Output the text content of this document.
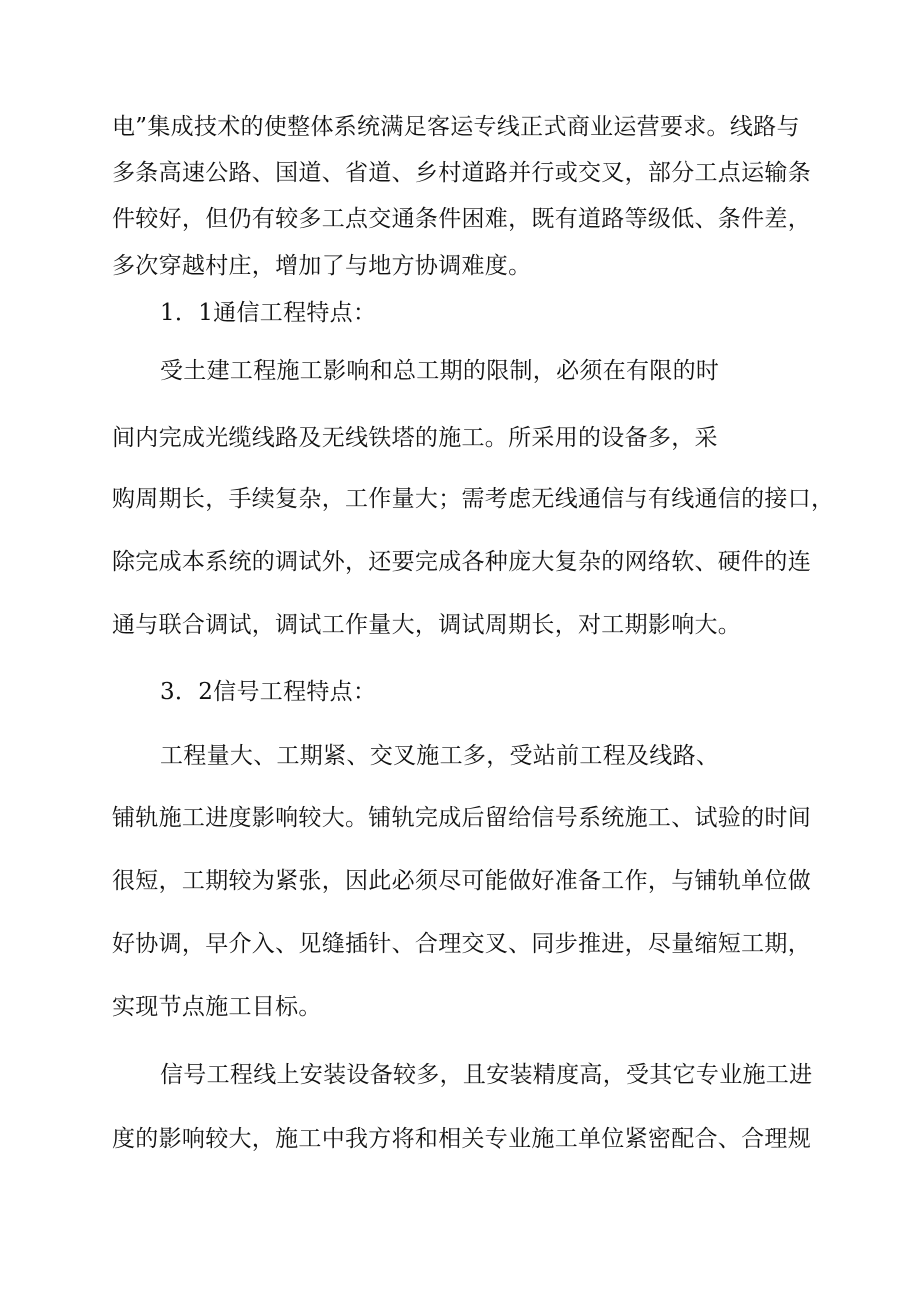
电”集成技术的使整体系统满足客运专线正式商业运营要求。线路与
多条高速公路、国道、省道、乡村道路并行或交叉，部分工点运输条
件较好，但仍有较多工点交通条件困难，既有道路等级低、条件差，
多次穿越村庄，增加了与地方协调难度。
1．1通信工程特点：
受土建工程施工影响和总工期的限制，必须在有限的时
间内完成光缆线路及无线铁塔的施工。所采用的设备多，采
购周期长，手续复杂，工作量大；需考虑无线通信与有线通信的接口，
除完成本系统的调试外，还要完成各种庞大复杂的网络软、硬件的连
通与联合调试，调试工作量大，调试周期长，对工期影响大。
3．2信号工程特点：
工程量大、工期紧、交叉施工多，受站前工程及线路、
铺轨施工进度影响较大。铺轨完成后留给信号系统施工、试验的时间
很短，工期较为紧张，因此必须尽可能做好准备工作，与铺轨单位做
好协调，早介入、见缝插针、合理交叉、同步推进，尽量缩短工期，
实现节点施工目标。
信号工程线上安装设备较多，且安装精度高，受其它专业施工进
度的影响较大，施工中我方将和相关专业施工单位紧密配合、合理规
